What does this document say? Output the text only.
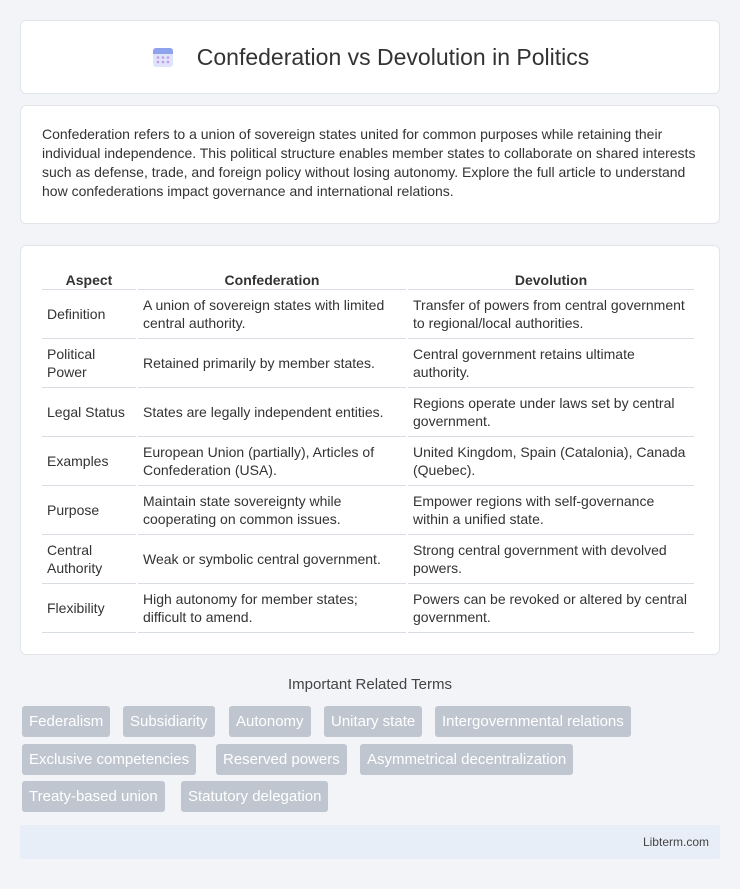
Confederation vs Devolution in Politics

Confederation refers to a union of sovereign states united for common purposes while retaining their individual independence. This political structure enables member states to collaborate on shared interests such as defense, trade, and foreign policy without losing autonomy. Explore the full article to understand how confederations impact governance and international relations.

Aspect	Confederation	Devolution
Definition	A union of sovereign states with limited central authority.	Transfer of powers from central government to regional/local authorities.
Political Power	Retained primarily by member states.	Central government retains ultimate authority.
Legal Status	States are legally independent entities.	Regions operate under laws set by central government.
Examples	European Union (partially), Articles of Confederation (USA).	United Kingdom, Spain (Catalonia), Canada (Quebec).
Purpose	Maintain state sovereignty while cooperating on common issues.	Empower regions with self-governance within a unified state.
Central Authority	Weak or symbolic central government.	Strong central government with devolved powers.
Flexibility	High autonomy for member states; difficult to amend.	Powers can be revoked or altered by central government.
Important Related Terms
Federalism	Subsidiarity	Autonomy	Unitary state	Intergovernmental relations
Exclusive competencies	Reserved powers	Asymmetrical decentralization
Treaty-based union	Statutory delegation
Libterm.com
